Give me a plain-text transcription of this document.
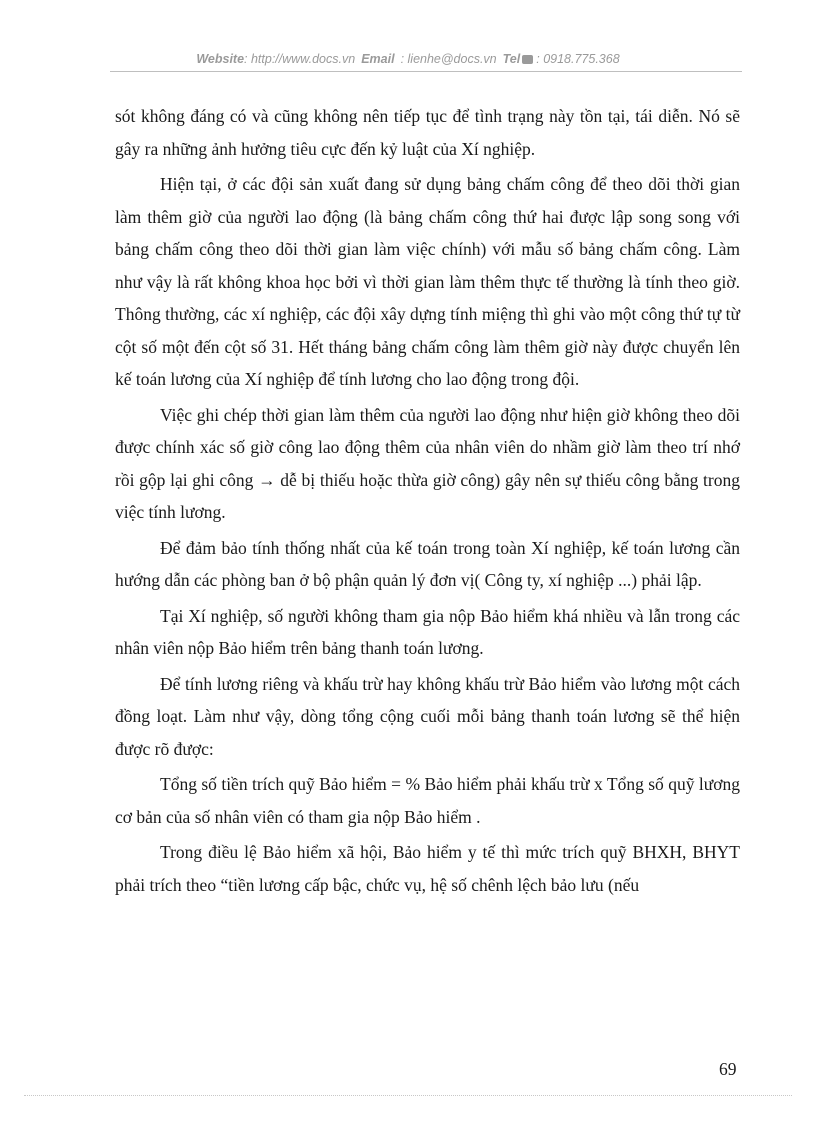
Website: http://www.docs.vn Email : lienhe@docs.vn Tel : 0918.775.368

sót không đáng có và cũng không nên tiếp tục để tình trạng này tồn tại, tái diễn. Nó sẽ gây ra những ảnh hưởng tiêu cực đến kỷ luật của Xí nghiệp.

Hiện tại, ở các đội sản xuất đang sử dụng bảng chấm công để theo dõi thời gian làm thêm giờ của người lao động (là bảng chấm công thứ hai được lập song song với bảng chấm công theo dõi thời gian làm việc chính) với mẫu số bảng chấm công. Làm như vậy là rất không khoa học bởi vì thời gian làm thêm thực tế thường là tính theo giờ. Thông thường, các xí nghiệp, các đội xây dựng tính miệng thì ghi vào một công thứ tự từ cột số một đến cột số 31. Hết tháng bảng chấm công làm thêm giờ này được chuyển lên kế toán lương của Xí nghiệp để tính lương cho lao động trong đội.

Việc ghi chép thời gian làm thêm của người lao động như hiện giờ không theo dõi được chính xác số giờ công lao động thêm của nhân viên do nhầm giờ làm theo trí nhớ rồi gộp lại ghi công → dễ bị thiếu hoặc thừa giờ công) gây nên sự thiếu công bằng trong việc tính lương.

Để đảm bảo tính thống nhất của kế toán trong toàn Xí nghiệp, kế toán lương cần hướng dẫn các phòng ban ở bộ phận quản lý đơn vị( Công ty, xí nghiệp ...) phải lập.

Tại Xí nghiệp, số người không tham gia nộp Bảo hiểm khá nhiều và lẫn trong các nhân viên nộp Bảo hiểm trên bảng thanh toán lương.

Để tính lương riêng và khấu trừ hay không khấu trừ Bảo hiểm vào lương một cách đồng loạt. Làm như vậy, dòng tổng cộng cuối mỗi bảng thanh toán lương sẽ thể hiện được rõ được:

Tổng số tiền trích quỹ Bảo hiểm = % Bảo hiểm phải khấu trừ x Tổng số quỹ lương cơ bản của số nhân viên có tham gia nộp Bảo hiểm .

Trong điều lệ Bảo hiểm xã hội, Bảo hiểm y tế thì mức trích quỹ BHXH, BHYT phải trích theo “tiền lương cấp bậc, chức vụ, hệ số chênh lệch bảo lưu (nếu

69
